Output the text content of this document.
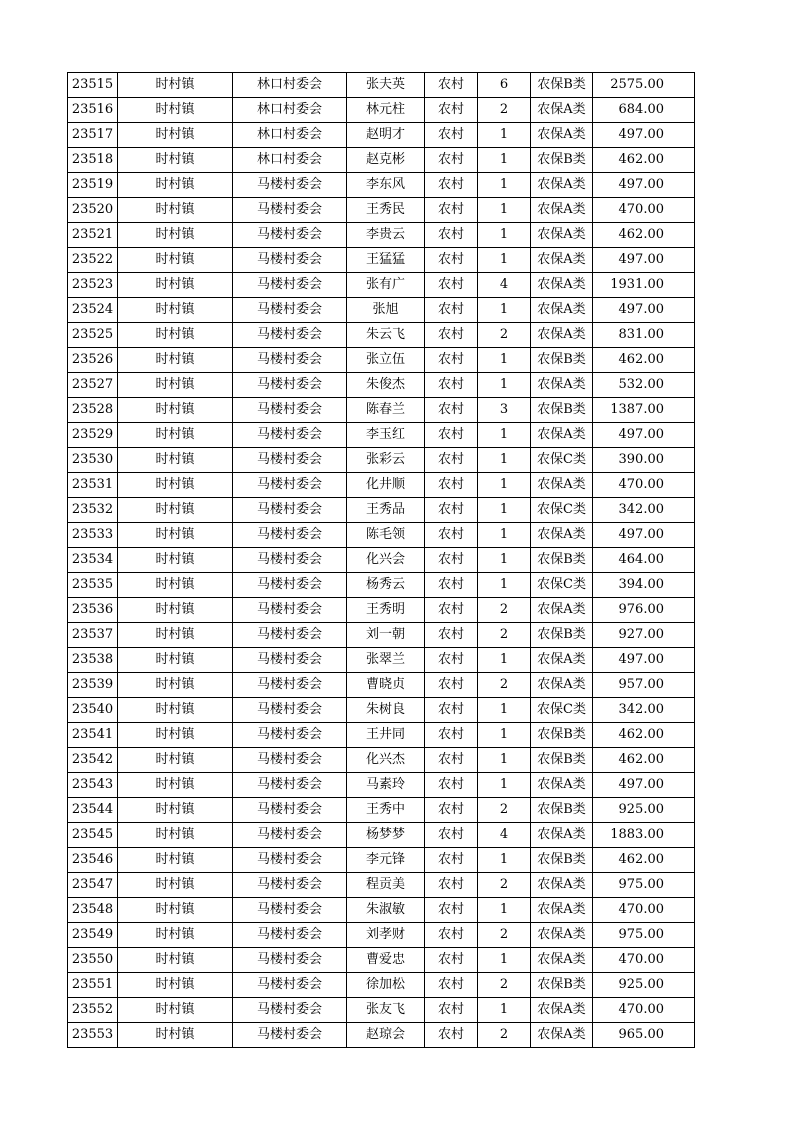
23515	时村镇	林口村委会	张夫英	农村	6	农保B类	2575.00
23516	时村镇	林口村委会	林元柱	农村	2	农保A类	684.00
23517	时村镇	林口村委会	赵明才	农村	1	农保A类	497.00
23518	时村镇	林口村委会	赵克彬	农村	1	农保B类	462.00
23519	时村镇	马楼村委会	李东风	农村	1	农保A类	497.00
23520	时村镇	马楼村委会	王秀民	农村	1	农保A类	470.00
23521	时村镇	马楼村委会	李贵云	农村	1	农保A类	462.00
23522	时村镇	马楼村委会	王猛猛	农村	1	农保A类	497.00
23523	时村镇	马楼村委会	张有广	农村	4	农保A类	1931.00
23524	时村镇	马楼村委会	张旭	农村	1	农保A类	497.00
23525	时村镇	马楼村委会	朱云飞	农村	2	农保A类	831.00
23526	时村镇	马楼村委会	张立伍	农村	1	农保B类	462.00
23527	时村镇	马楼村委会	朱俊杰	农村	1	农保A类	532.00
23528	时村镇	马楼村委会	陈春兰	农村	3	农保B类	1387.00
23529	时村镇	马楼村委会	李玉红	农村	1	农保A类	497.00
23530	时村镇	马楼村委会	张彩云	农村	1	农保C类	390.00
23531	时村镇	马楼村委会	化井顺	农村	1	农保A类	470.00
23532	时村镇	马楼村委会	王秀品	农村	1	农保C类	342.00
23533	时村镇	马楼村委会	陈毛领	农村	1	农保A类	497.00
23534	时村镇	马楼村委会	化兴会	农村	1	农保B类	464.00
23535	时村镇	马楼村委会	杨秀云	农村	1	农保C类	394.00
23536	时村镇	马楼村委会	王秀明	农村	2	农保A类	976.00
23537	时村镇	马楼村委会	刘一朝	农村	2	农保B类	927.00
23538	时村镇	马楼村委会	张翠兰	农村	1	农保A类	497.00
23539	时村镇	马楼村委会	曹晓贞	农村	2	农保A类	957.00
23540	时村镇	马楼村委会	朱树良	农村	1	农保C类	342.00
23541	时村镇	马楼村委会	王井同	农村	1	农保B类	462.00
23542	时村镇	马楼村委会	化兴杰	农村	1	农保B类	462.00
23543	时村镇	马楼村委会	马素玲	农村	1	农保A类	497.00
23544	时村镇	马楼村委会	王秀中	农村	2	农保B类	925.00
23545	时村镇	马楼村委会	杨梦梦	农村	4	农保A类	1883.00
23546	时村镇	马楼村委会	李元锋	农村	1	农保B类	462.00
23547	时村镇	马楼村委会	程贡美	农村	2	农保A类	975.00
23548	时村镇	马楼村委会	朱淑敏	农村	1	农保A类	470.00
23549	时村镇	马楼村委会	刘孝财	农村	2	农保A类	975.00
23550	时村镇	马楼村委会	曹爱忠	农村	1	农保A类	470.00
23551	时村镇	马楼村委会	徐加松	农村	2	农保B类	925.00
23552	时村镇	马楼村委会	张友飞	农村	1	农保A类	470.00
23553	时村镇	马楼村委会	赵琼会	农村	2	农保A类	965.00
